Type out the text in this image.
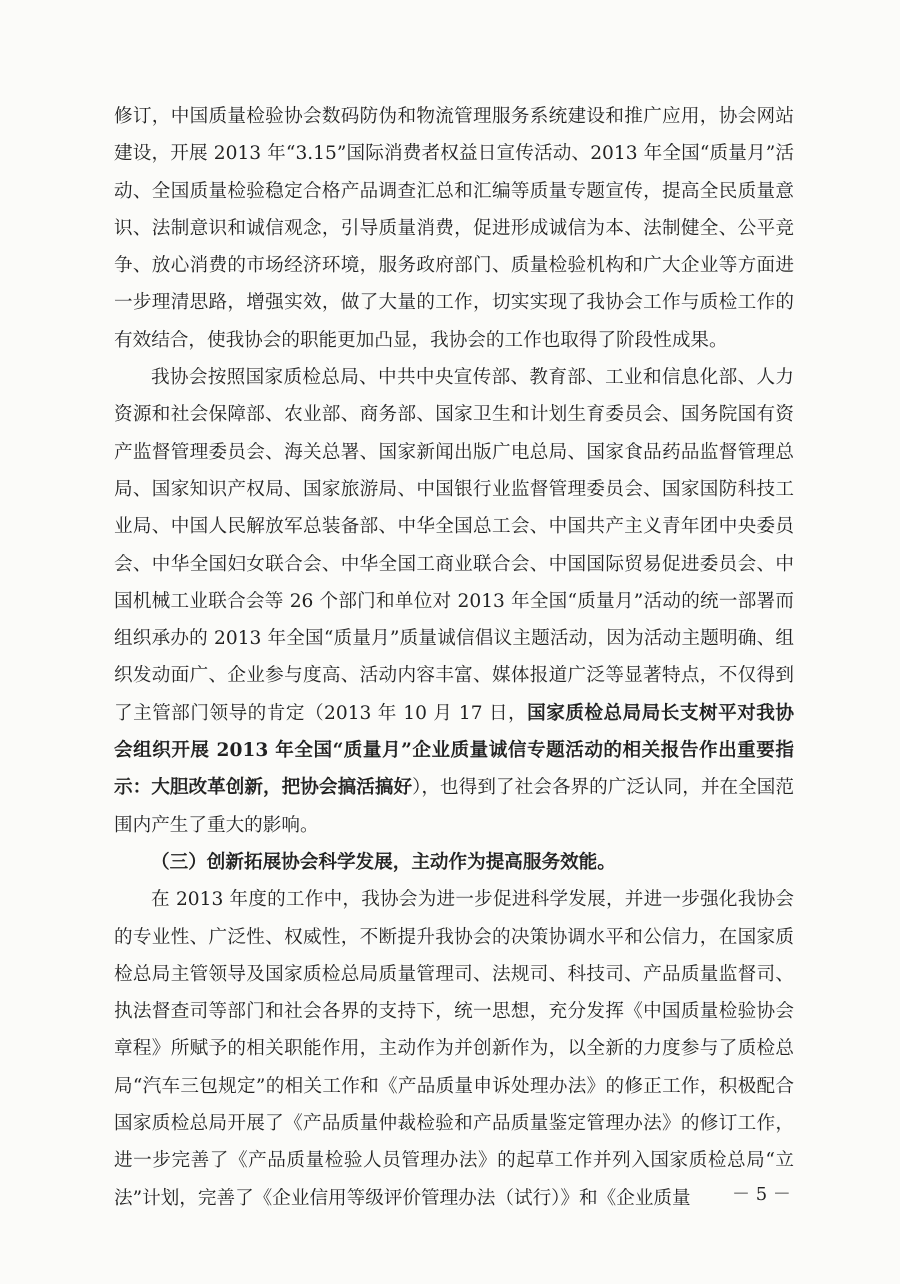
修订，中国质量检验协会数码防伪和物流管理服务系统建设和推广应用，协会网站建设，开展 2013 年“3.15”国际消费者权益日宣传活动、2013 年全国“质量月”活动、全国质量检验稳定合格产品调查汇总和汇编等质量专题宣传，提高全民质量意识、法制意识和诚信观念，引导质量消费，促进形成诚信为本、法制健全、公平竞争、放心消费的市场经济环境，服务政府部门、质量检验机构和广大企业等方面进一步理清思路，增强实效，做了大量的工作，切实实现了我协会工作与质检工作的有效结合，使我协会的职能更加凸显，我协会的工作也取得了阶段性成果。

我协会按照国家质检总局、中共中央宣传部、教育部、工业和信息化部、人力资源和社会保障部、农业部、商务部、国家卫生和计划生育委员会、国务院国有资产监督管理委员会、海关总署、国家新闻出版广电总局、国家食品药品监督管理总局、国家知识产权局、国家旅游局、中国银行业监督管理委员会、国家国防科技工业局、中国人民解放军总装备部、中华全国总工会、中国共产主义青年团中央委员会、中华全国妇女联合会、中华全国工商业联合会、中国国际贸易促进委员会、中国机械工业联合会等 26 个部门和单位对 2013 年全国“质量月”活动的统一部署而组织承办的 2013 年全国“质量月”质量诚信倡议主题活动，因为活动主题明确、组织发动面广、企业参与度高、活动内容丰富、媒体报道广泛等显著特点，不仅得到了主管部门领导的肯定（2013 年 10 月 17 日，国家质检总局局长支树平对我协会组织开展 2013 年全国“质量月”企业质量诚信专题活动的相关报告作出重要指示：大胆改革创新，把协会搞活搞好），也得到了社会各界的广泛认同，并在全国范围内产生了重大的影响。

（三）创新拓展协会科学发展，主动作为提高服务效能。

在 2013 年度的工作中，我协会为进一步促进科学发展，并进一步强化我协会的专业性、广泛性、权威性，不断提升我协会的决策协调水平和公信力，在国家质检总局主管领导及国家质检总局质量管理司、法规司、科技司、产品质量监督司、执法督查司等部门和社会各界的支持下，统一思想，充分发挥《中国质量检验协会章程》所赋予的相关职能作用，主动作为并创新作为，以全新的力度参与了质检总局“汽车三包规定”的相关工作和《产品质量申诉处理办法》的修正工作，积极配合国家质检总局开展了《产品质量仲裁检验和产品质量鉴定管理办法》的修订工作，进一步完善了《产品质量检验人员管理办法》的起草工作并列入国家质检总局“立法”计划，完善了《企业信用等级评价管理办法（试行）》和《企业质量	－ 5 －
